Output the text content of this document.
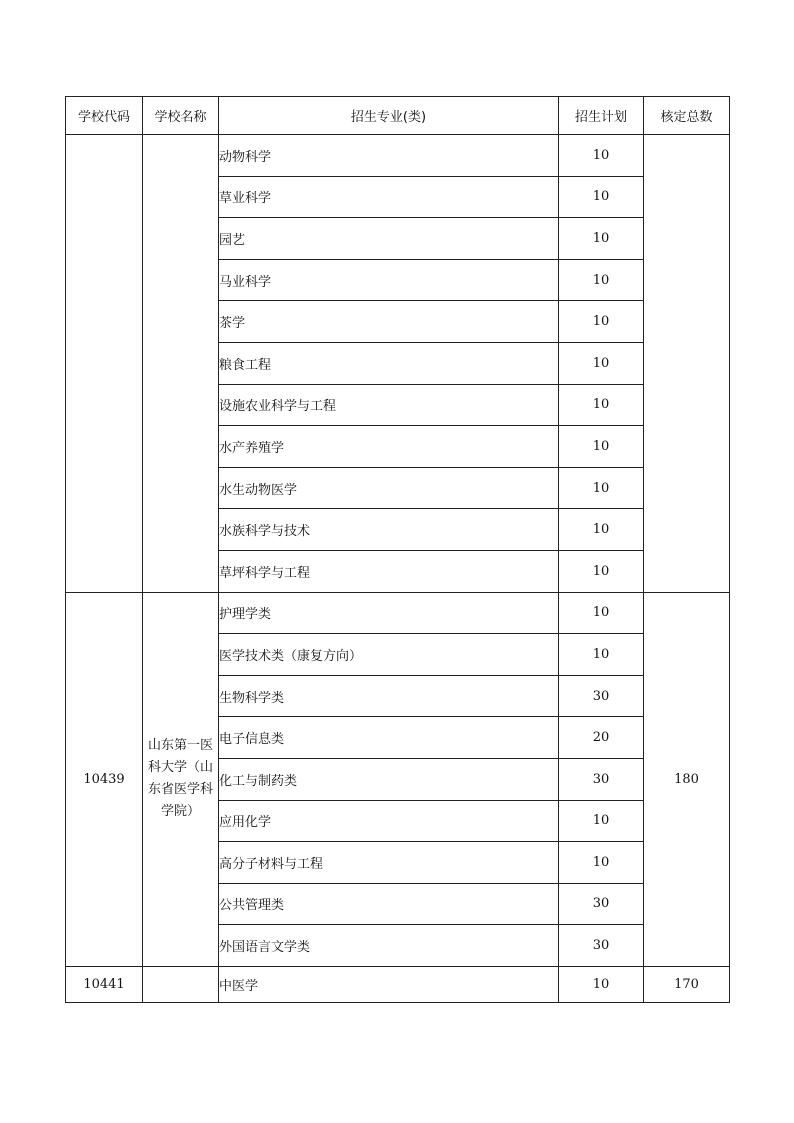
学校代码	学校名称	招生专业(类)	招生计划	核定总数
		动物科学	10	
		草业科学	10	
		园艺	10	
		马业科学	10	
		茶学	10	
		粮食工程	10	
		设施农业科学与工程	10	
		水产养殖学	10	
		水生动物医学	10	
		水族科学与技术	10	
		草坪科学与工程	10	
10439	山东第一医科大学（山东省医学科学院）	护理学类	10	180
		医学技术类（康复方向）	10	
		生物科学类	30	
		电子信息类	20	
		化工与制药类	30	
		应用化学	10	
		高分子材料与工程	10	
		公共管理类	30	
		外国语言文学类	30	
10441		中医学	10	170
